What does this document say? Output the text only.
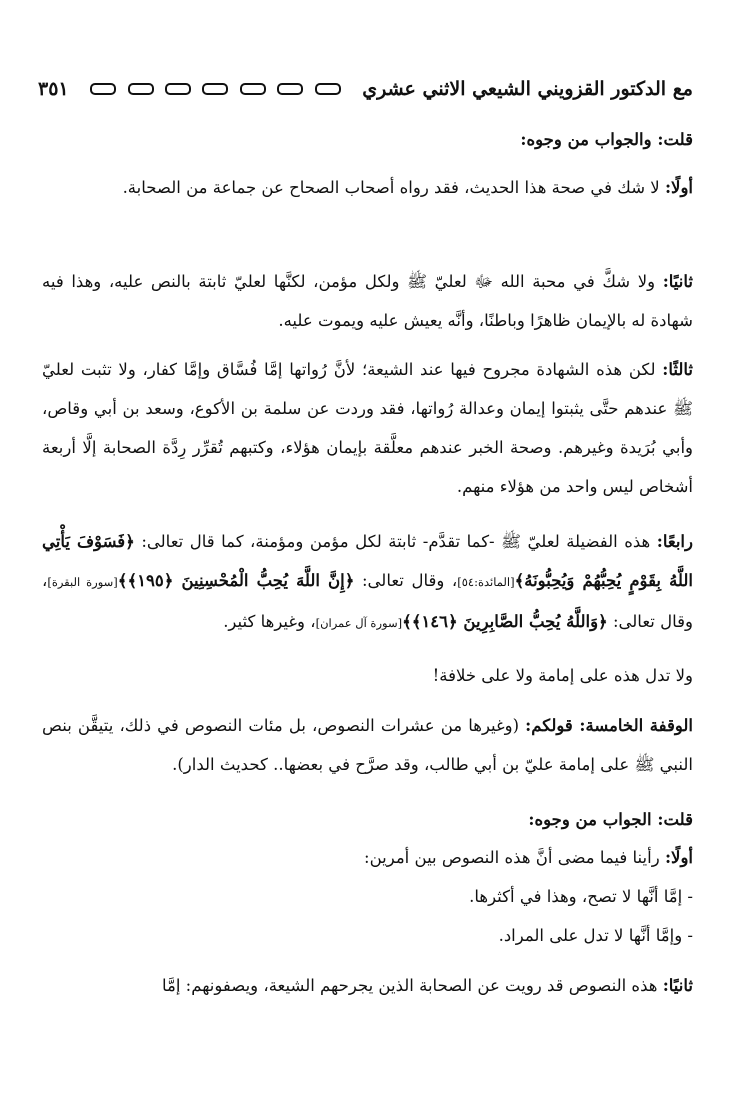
مع الدكتور القزويني الشيعي الاثني عشري
٣٥١
قلت: والجواب من وجوه:
أولًا: لا شك في صحة هذا الحديث، فقد رواه أصحاب الصحاح عن جماعة من الصحابة.
ثانيًا: ولا شكَّ في محبة الله ﷻ لعليّ ﷺ ولكل مؤمن، لكنَّها لعليّ ثابتة بالنص عليه، وهذا فيه شهادة له بالإيمان ظاهرًا وباطنًا، وأنَّه يعيش عليه ويموت عليه.
ثالثًا: لكن هذه الشهادة مجروح فيها عند الشيعة؛ لأنَّ رُواتها إمَّا فُسَّاق وإمَّا كفار، ولا تثبت لعليّ ﷺ عندهم حتَّى يثبتوا إيمان وعدالة رُواتها، فقد وردت عن سلمة بن الأكوع، وسعد بن أبي وقاص، وأبي بُرَيدة وغيرهم. وصحة الخبر عندهم معلَّقة بإيمان هؤلاء، وكتبهم تُقرِّر رِدَّة الصحابة إلَّا أربعة أشخاص ليس واحد من هؤلاء منهم.
رابعًا: هذه الفضيلة لعليّ ﷺ -كما تقدَّم- ثابتة لكل مؤمن ومؤمنة، كما قال تعالى: ﴿فَسَوْفَ يَأْتِي اللَّهُ بِقَوْمٍ يُحِبُّهُمْ وَيُحِبُّونَهُ﴾[المائدة:٥٤]، وقال تعالى: ﴿إِنَّ اللَّهَ يُحِبُّ الْمُحْسِنِينَ ﴿١٩٥﴾﴾[سورة البقرة]، وقال تعالى: ﴿وَاللَّهُ يُحِبُّ الصَّابِرِينَ ﴿١٤٦﴾﴾[سورة آل عمران]، وغيرها كثير.
ولا تدل هذه على إمامة ولا على خلافة!
الوقفة الخامسة: قولكم: (وغيرها من عشرات النصوص، بل مئات النصوص في ذلك، يتيقَّن بنص النبي ﷺ على إمامة عليّ بن أبي طالب، وقد صرَّح في بعضها.. كحديث الدار).
قلت: الجواب من وجوه:
أولًا: رأينا فيما مضى أنَّ هذه النصوص بين أمرين:
- إمَّا أنَّها لا تصح، وهذا في أكثرها.
- وإمَّا أنَّها لا تدل على المراد.
ثانيًا: هذه النصوص قد رويت عن الصحابة الذين يجرحهم الشيعة، ويصفونهم: إمَّا
